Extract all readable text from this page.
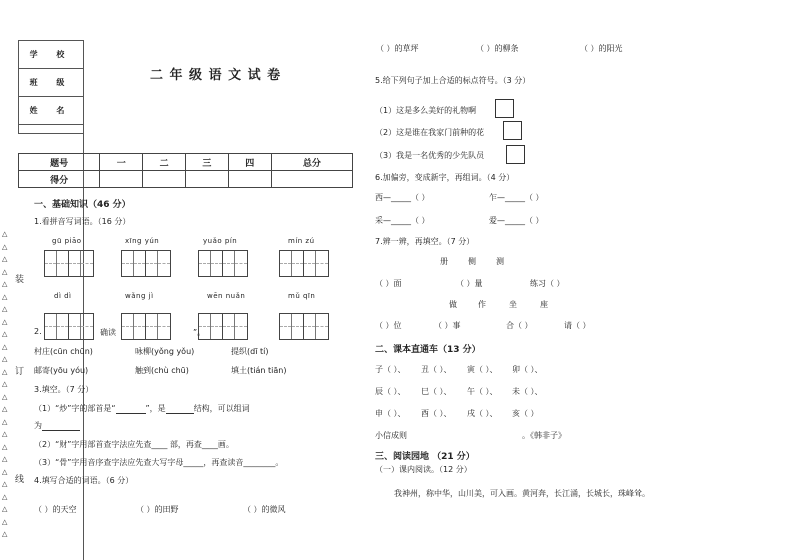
学 校
班 级
姓 名

△
△
△
△
△
△
△
△
△
△
△
△
△
△
△
△
△
△
△
△
△
△
△
△
△
装
订
线
二 年 级 语 文 试 卷
题号	一	二	三	四	总分
得分					
一、基础知识（46 分）
1.看拼音写词语。（16 分）
gū piāo	xīng yún	yuǎo pín	mín zú
dì dì	wǎng jì	wēn nuǎn	mǔ qīn
2.	确读	”。
村庄(cūn chūn)	咏柳(yǒng yǒu)	提织(dī tí)
邮寄(yōu yóu)	触到(chù chū)	填土(tián tiān)
3.填空。（7 分）
（1）“炒”字的部首是“	”，是	结构，可以组词
为
（2）“财”字用部首查字法应先查____ 部，再查____画。
（3）“骨”字用音序查字法应先查大写字母_____，再查读音________。
4.填写合适的词语。（6 分）
（ ）的天空	（ ）的田野	（ ）的微风
（ ）的草坪	（ ）的柳条	（ ）的阳光
5.给下列句子加上合适的标点符号。（3 分）
（1）这是多么美好的礼物啊
（2）这是谁在我家门前种的花
（3）我是一名优秀的少先队员
6.加偏旁，变成新字，再组词。（4 分）
西—_____（ ）	乍—_____（ ）
采—_____（ ）	爱—_____（ ）
7.辨一辨，再填空。（7 分）
册	侧	测
（ ）面	（ ）量	练习（ ）
做	作	坐	座
（ ）位	（ ）事	合（ ）	请（ ）
二、课本直通车（13 分）
子（ ）、 丑（ ）、 寅（ ）、 卯（ ）、
辰（ ）、 巳（ ）、 午（ ）、 未（ ）、
申（ ）、 酉（ ）、 戌（ ）、 亥（ ）
小信成则	。《韩非子》
三、阅读园地 （21 分）
（一）课内阅读。（12 分）
我神州，称中华，山川美，可入画。黄河奔，长江涌，长城长，珠峰耸。
